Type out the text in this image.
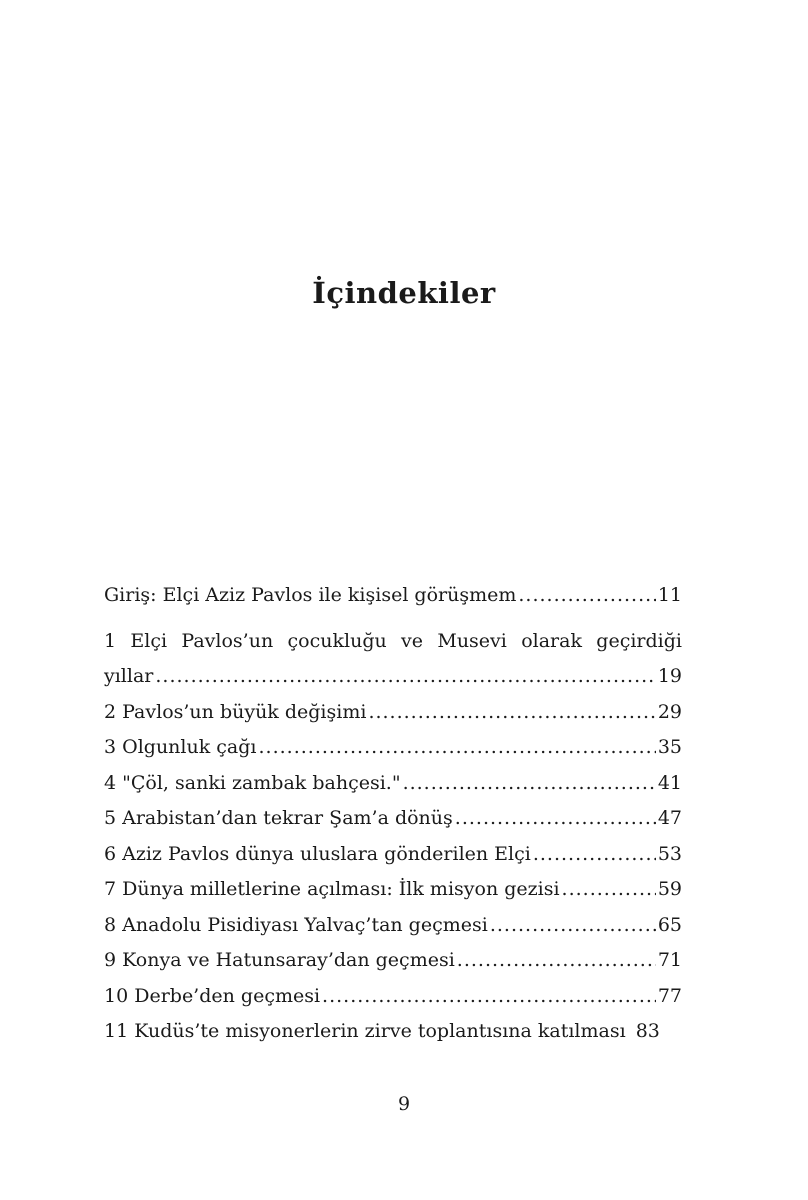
İçindekiler
Giriş: Elçi Aziz Pavlos ile kişisel görüşmem .....	11
1 Elçi Pavlos’un çocukluğu ve Musevi olarak geçirdiği
yıllar .....	19
2 Pavlos’un büyük değişimi .....	29
3 Olgunluk çağı .....	35
4 "Çöl, sanki zambak bahçesi." .....	41
5 Arabistan’dan tekrar Şam’a dönüş .....	47
6 Aziz Pavlos dünya uluslara gönderilen Elçi .....	53
7 Dünya milletlerine açılması: İlk misyon gezisi .....	59
8 Anadolu Pisidiyası Yalvaç’tan geçmesi .....	65
9 Konya ve Hatunsaray’dan geçmesi .....	71
10 Derbe’den geçmesi .....	77
11 Kudüs’te misyonerlerin zirve toplantısına katılması 83

9
